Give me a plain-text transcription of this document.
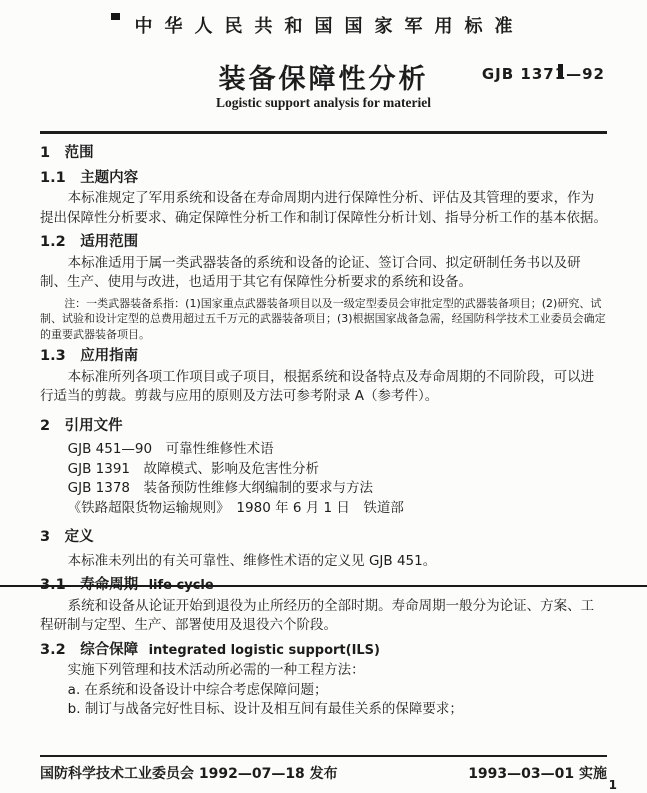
中华人民共和国国家军用标准
装备保障性分析	GJB 1371—92
Logistic support analysis for materiel
1 范围
1.1 主题内容
本标准规定了军用系统和设备在寿命周期内进行保障性分析、评估及其管理的要求，作为提出保障性分析要求、确定保障性分析工作和制订保障性分析计划、指导分析工作的基本依据。
1.2 适用范围
本标准适用于属一类武器装备的系统和设备的论证、签订合同、拟定研制任务书以及研制、生产、使用与改进，也适用于其它有保障性分析要求的系统和设备。
注：一类武器装备系指：(1)国家重点武器装备项目以及一级定型委员会审批定型的武器装备项目；(2)研究、试制、试验和设计定型的总费用超过五千万元的武器装备项目；(3)根据国家战备急需，经国防科学技术工业委员会确定的重要武器装备项目。
1.3 应用指南
本标准所列各项工作项目或子项目，根据系统和设备特点及寿命周期的不同阶段，可以进行适当的剪裁。剪裁与应用的原则及方法可参考附录 A（参考件）。
2 引用文件
GJB 451—90　可靠性维修性术语
GJB 1391　故障模式、影响及危害性分析
GJB 1378　装备预防性维修大纲编制的要求与方法
《铁路超限货物运输规则》　1980 年 6 月 1 日　铁道部
3 定义
本标准未列出的有关可靠性、维修性术语的定义见 GJB 451。
3.1 寿命周期 life cycle
系统和设备从论证开始到退役为止所经历的全部时期。寿命周期一般分为论证、方案、工程研制与定型、生产、部署使用及退役六个阶段。
3.2 综合保障 integrated logistic support(ILS)
实施下列管理和技术活动所必需的一种工程方法：
a. 在系统和设备设计中综合考虑保障问题；
b. 制订与战备完好性目标、设计及相互间有最佳关系的保障要求；
国防科学技术工业委员会 1992—07—18 发布	1993—03—01 实施
1
